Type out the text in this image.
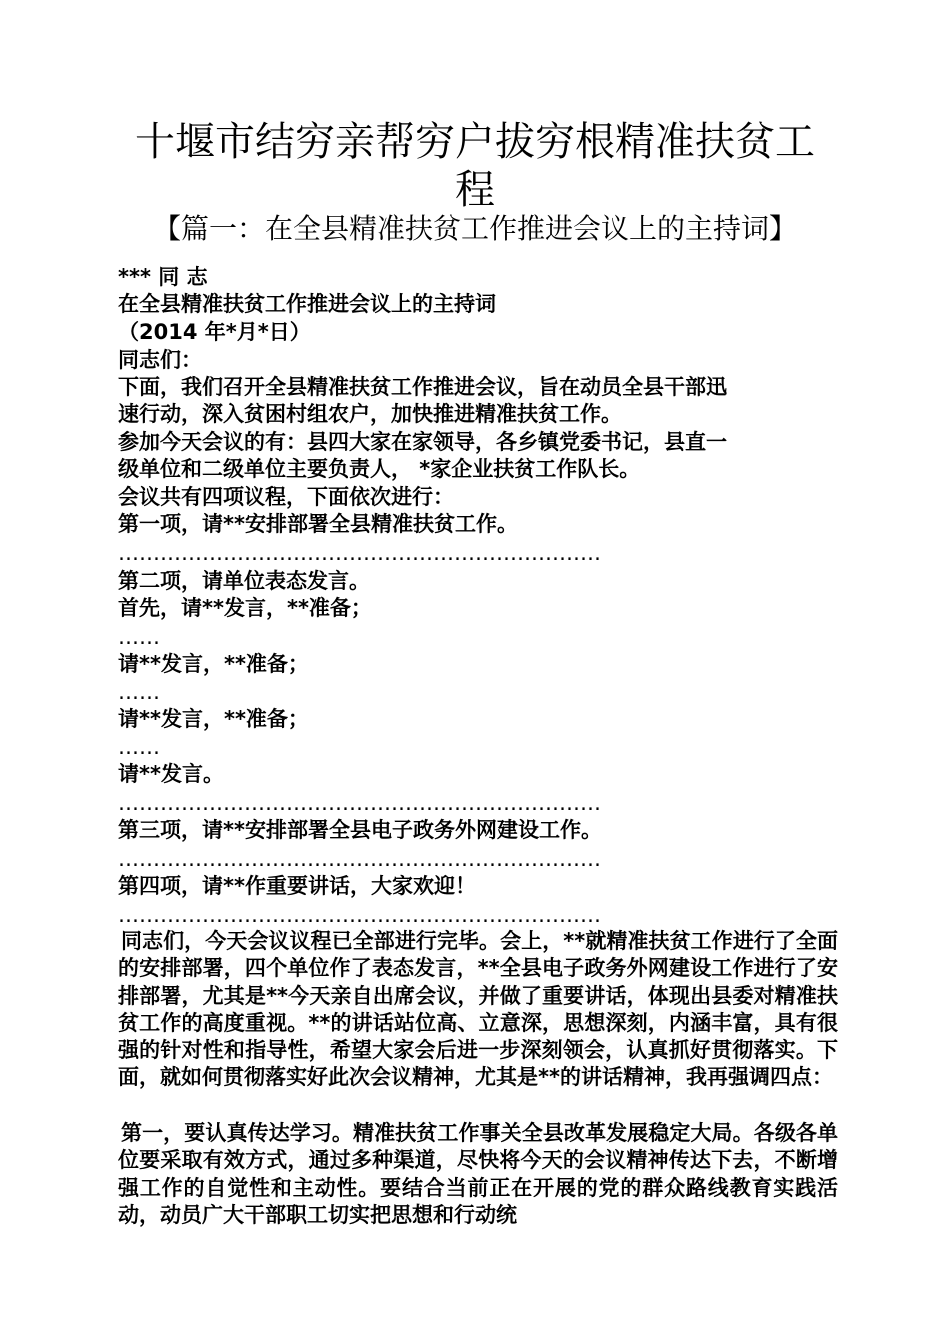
十堰市结穷亲帮穷户拔穷根精准扶贫工
程
【篇一：在全县精准扶贫工作推进会议上的主持词】

*** 同 志

在全县精准扶贫工作推进会议上的主持词

（2014 年*月*日）

同志们：

下面，我们召开全县精准扶贫工作推进会议，旨在动员全县干部迅

速行动，深入贫困村组农户，加快推进精准扶贫工作。

参加今天会议的有：县四大家在家领导，各乡镇党委书记，县直一

级单位和二级单位主要负责人， *家企业扶贫工作队长。

会议共有四项议程，下面依次进行：

第一项，请**安排部署全县精准扶贫工作。

……………………………………………………………

第二项，请单位表态发言。

首先，请**发言，**准备；

……

请**发言，**准备；

……

请**发言，**准备；

……

请**发言。

……………………………………………………………

第三项，请**安排部署全县电子政务外网建设工作。

……………………………………………………………

第四项，请**作重要讲话，大家欢迎！

……………………………………………………………

同志们，今天会议议程已全部进行完毕。会上，**就精准扶贫工作进行了全面的安排部署，四个单位作了表态发言，**全县电子政务外网建设工作进行了安排部署，尤其是**今天亲自出席会议，并做了重要讲话，体现出县委对精准扶贫工作的高度重视。**的讲话站位高、立意深，思想深刻，内涵丰富，具有很强的针对性和指导性，希望大家会后进一步深刻领会，认真抓好贯彻落实。下面，就如何贯彻落实好此次会议精神，尤其是**的讲话精神，我再强调四点：

第一，要认真传达学习。精准扶贫工作事关全县改革发展稳定大局。各级各单位要采取有效方式，通过多种渠道，尽快将今天的会议精神传达下去，不断增强工作的自觉性和主动性。要结合当前正在开展的党的群众路线教育实践活动，动员广大干部职工切实把思想和行动统
